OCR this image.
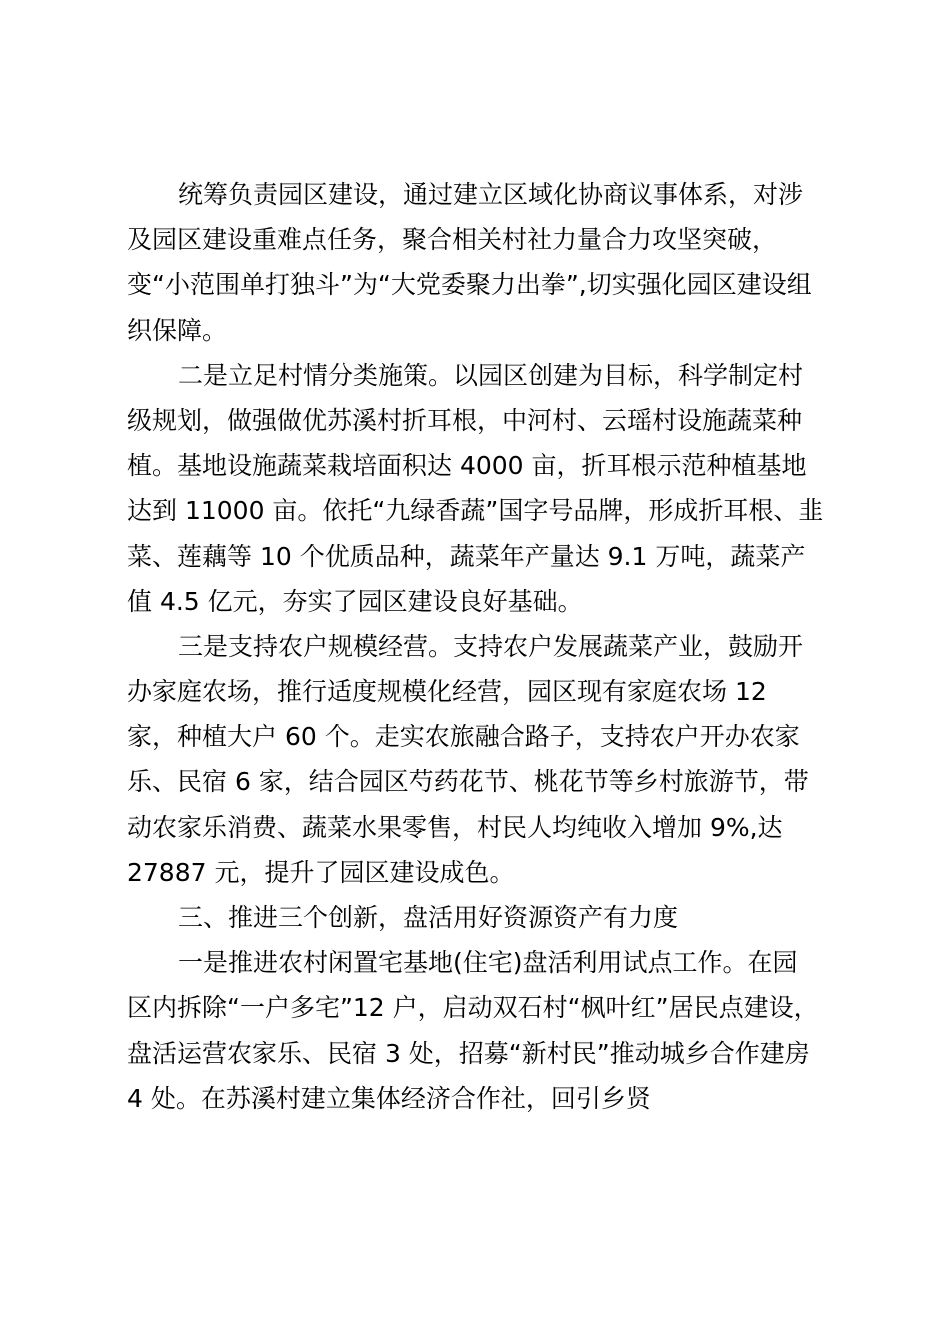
统筹负责园区建设，通过建立区域化协商议事体系，对涉
及园区建设重难点任务，聚合相关村社力量合力攻坚突破，
变“小范围单打独斗”为“大党委聚力出拳”,切实强化园区建设组
织保障。
二是立足村情分类施策。以园区创建为目标，科学制定村
级规划，做强做优苏溪村折耳根，中河村、云瑶村设施蔬菜种
植。基地设施蔬菜栽培面积达 4000 亩，折耳根示范种植基地
达到 11000 亩。依托“九绿香蔬”国字号品牌，形成折耳根、韭
菜、莲藕等 10 个优质品种，蔬菜年产量达 9.1 万吨，蔬菜产
值 4.5 亿元，夯实了园区建设良好基础。
三是支持农户规模经营。支持农户发展蔬菜产业，鼓励开
办家庭农场，推行适度规模化经营，园区现有家庭农场 12
家，种植大户 60 个。走实农旅融合路子，支持农户开办农家
乐、民宿 6 家，结合园区芍药花节、桃花节等乡村旅游节，带
动农家乐消费、蔬菜水果零售，村民人均纯收入增加 9%,达
27887 元，提升了园区建设成色。
三、推进三个创新，盘活用好资源资产有力度
一是推进农村闲置宅基地(住宅)盘活利用试点工作。在园
区内拆除“一户多宅”12 户，启动双石村“枫叶红”居民点建设，
盘活运营农家乐、民宿 3 处，招募“新村民”推动城乡合作建房
4 处。在苏溪村建立集体经济合作社，回引乡贤
